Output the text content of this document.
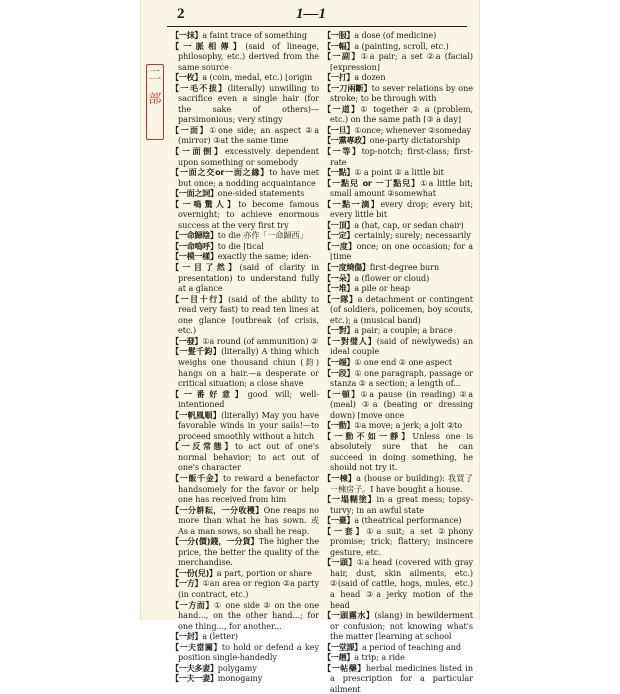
2	1—1
二
部

【一抹】a faint trace of something

【一脈相傳】(said of lineage, philosophy, etc.) derived from the same source

【一枚】a (coin, medal, etc.) ⌊origin

【一毛不拔】(literally) unwilling to sacrifice even a single hair (for the sake of others)—parsimonious; very stingy

【一面】①one side; an aspect ②a (mirror) ③at the same time

【一面倒】excessively dependent upon something or somebody

【一面之交or一面之緣】to have met but once; a nodding acquaintance

【一面之詞】one-sided statements

【一鳴驚人】to become famous overnight; to achieve enormous success at the very first try

【一命歸陰】to die 亦作「一命歸西」

【一命嗚呼】to die ⌈tical

【一模一樣】exactly the same; iden-

【一目了然】(said of clarity in presentation) to understand fully at a glance

【一目十行】(said of the ability to read very fast) to read ten lines at one glance ⌈outbreak (of crisis, etc.)

【一發】①a round (of ammunition) ②

【一髮千鈞】(literally) A thing which weighs one thousand chiun (鈞) hangs on a hair.—a desperate or critical situation; a close shave

【一番好意】good will; well-intentioned

【一帆風順】(literally) May you have favorable winds in your sails!—to proceed smoothly without a hitch

【一反常態】to act out of one's normal behavior; to act out of one's character

【一飯千金】to reward a benefactor handsomely for the favor or help one has received from him

【一分耕耘，一分收穫】One reaps no more than what he has sown. 或 As a man sows, so shall he reap.

【一分(價)錢，一分貨】The higher the price, the better the quality of the merchandise.

【一份(兒)】a part, portion or share

【一方】①an area or region ②a party (in contract, etc.)

【一方面】① one side ② on the one hand..., on the other hand...; for one thing..., for another...

【一封】a (letter)

【一夫當關】to hold or defend a key position single-handedly

【一夫多妻】polygamy

【一夫一妻】monogamy

【一服】a dose (of medicine)

【一幅】a (painting, scroll, etc.)

【一副】①a pair; a set ②a (facial) ⌈expression⌋

【一打】a dozen

【一刀兩斷】to sever relations by one stroke; to be through with

【一道】① together ② a (problem, etc.) on the same path ⌈③ a day⌋

【一旦】①once; whenever ②someday

【一黨專政】one-party dictatorship

【一等】top-notch; first-class; first-rate

【一點】① a point ② a little bit

【一點兒 or 一丁點兒】①a little bit; small amount ②somewhat

【一點一滴】every drop; every bit; every little bit

【一頂】a (hat, cap, or sedan chair)

【一定】certainly; surely; necessarily

【一度】once; on one occasion; for a ⌊time

【一度燒傷】first-degree burn

【一朵】a (flower or cloud)

【一堆】a pile or heap

【一隊】a detachment or contingent (of soldiers, policemen, boy scouts, etc.); a (musical band)

【一對】a pair; a couple; a brace

【一對璧人】(said of newlyweds) an ideal couple

【一端】① one end ② one aspect

【一段】① one paragraph, passage or stanza ② a section; a length of...

【一頓】①a pause (in reading) ②a (meal) ③a (beating or dressing down) ⌈move once

【一動】①a move; a jerk; a jolt ②to

【一動不如一靜】Unless one is absolutely sure that he can succeed in doing something, he should not try it.

【一棟】a (house or building): 我買了一棟房子。I have bought a house.

【一塌糊塗】in a great mess; topsy-turvy; in an awful state

【一臺】a (theatrical performance)

【一套】①a suit; a set ②phony promise; trick; flattery; insincere gesture, etc.

【一頭】①a head (covered with gray hair, dust, skin ailments, etc.) ②(said of cattle, hogs, mules, etc.) a head ③a jerky motion of the head

【一頭霧水】(slang) in bewilderment or confusion; not knowing what's the matter ⌈learning at school

【一堂課】a period of teaching and

【一趟】a trip; a ride

【一帖藥】herbal medicines listed in a prescription for a particular ailment
